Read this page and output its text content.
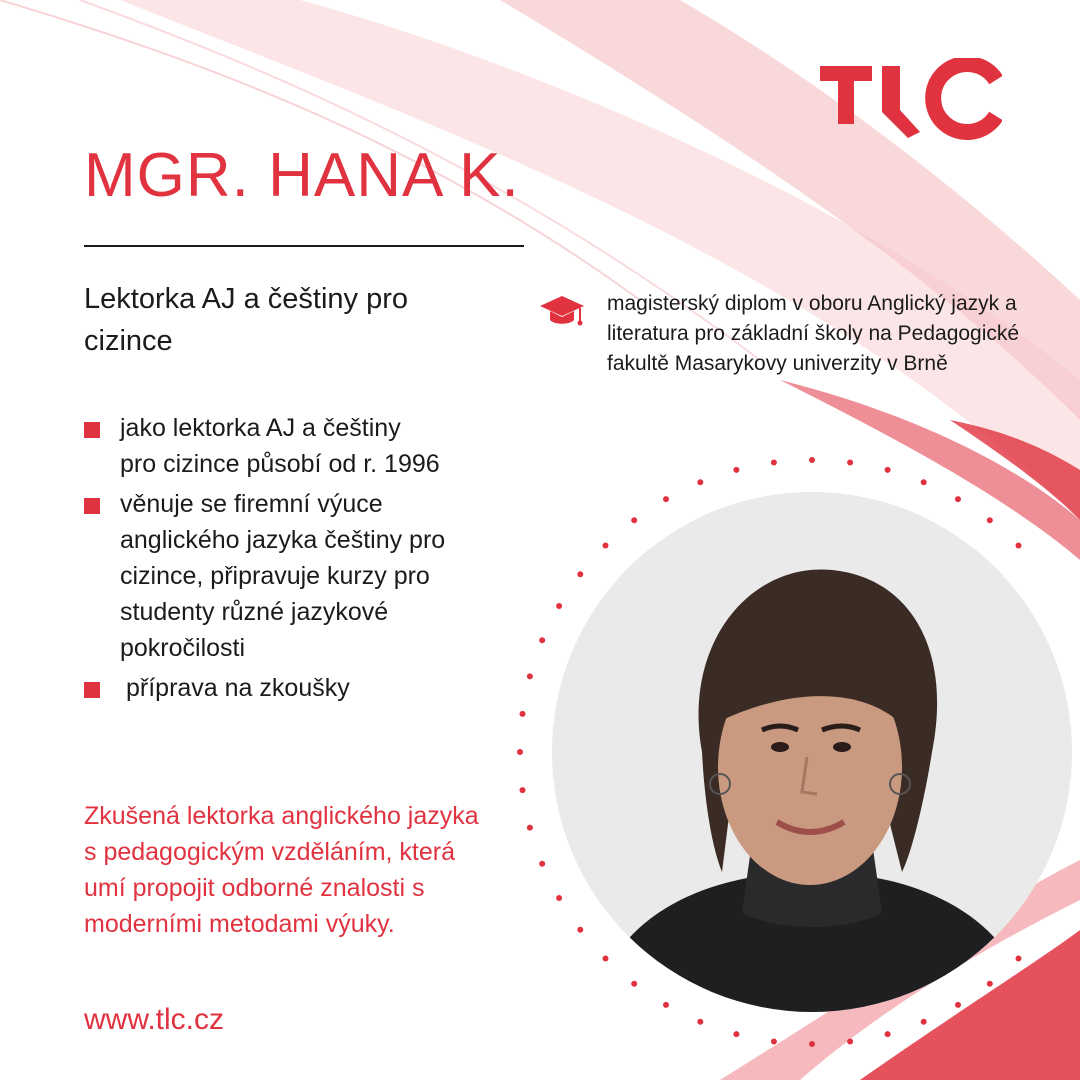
MGR. HANA K.
Lektorka AJ a češtiny pro cizince
jako lektorka AJ a češtiny pro cizince působí od r. 1996
věnuje se firemní výuce anglického jazyka češtiny pro cizince, připravuje kurzy pro studenty různé jazykové pokročilosti
příprava na zkoušky
Zkušená lektorka anglického jazyka s pedagogickým vzděláním, která umí propojit odborné znalosti s moderními metodami výuky.
www.tlc.cz
magisterský diplom v oboru Anglický jazyk a literatura pro základní školy na Pedagogické fakultě Masarykovy univerzity v Brně
